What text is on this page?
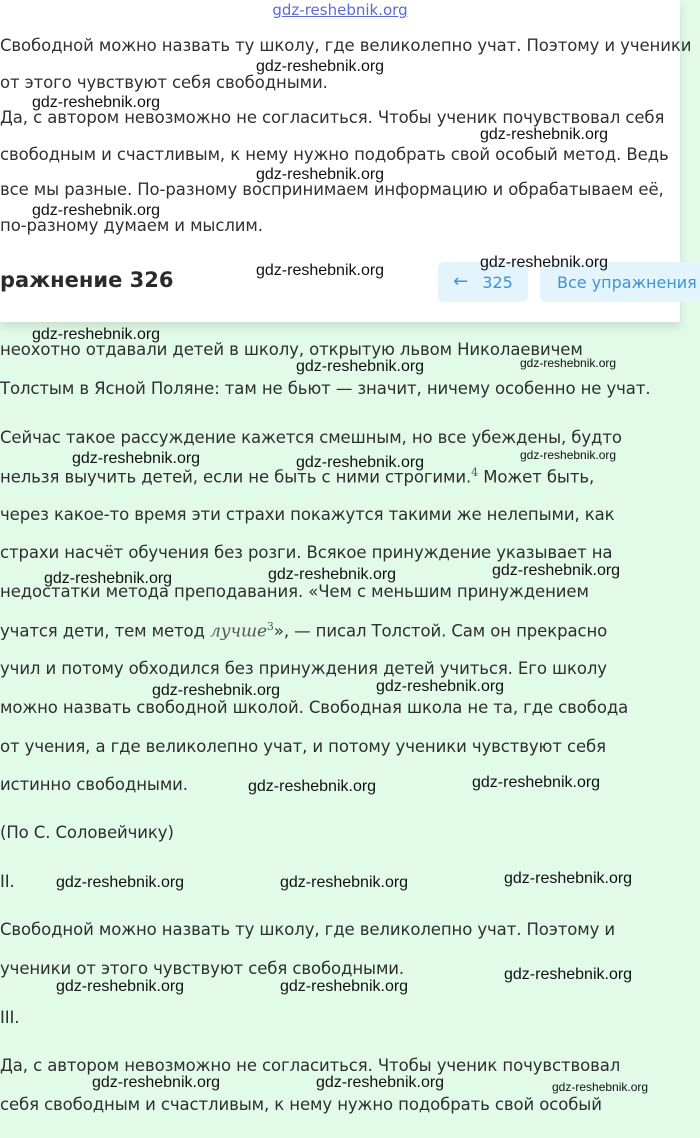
gdz-reshebnik.org
Свободной можно назвать ту школу, где великолепно учат. Поэтому и ученики
от этого чувствуют себя свободными.
Да, с автором невозможно не согласиться. Чтобы ученик почувствовал себя
свободным и счастливым, к нему нужно подобрать свой особый метод. Ведь
все мы разные. По-разному воспринимаем информацию и обрабатываем её,
по-разному думаем и мыслим.
ражнение 326	← 325	Все упражнения
неохотно отдавали детей в школу, открытую львом Николаевичем
Толстым в Ясной Поляне: там не бьют — значит, ничему особенно не учат.
Сейчас такое рассуждение кажется смешным, но все убеждены, будто
нельзя выучить детей, если не быть с ними строгими.$^4$ Может быть,
через какое-то время эти страхи покажутся такими же нелепыми, как
страхи насчёт обучения без розги. Всякое принуждение указывает на
недостатки метода преподавания. «Чем с меньшим принуждением
учатся дети, тем метод лучше$^3$», — писал Толстой. Сам он прекрасно
учил и потому обходился без принуждения детей учиться. Его школу
можно назвать свободной школой. Свободная школа не та, где свобода
от учения, а где великолепно учат, и потому ученики чувствуют себя
истинно свободными.
(По С. Соловейчику)
II.
Свободной можно назвать ту школу, где великолепно учат. Поэтому и
ученики от этого чувствуют себя свободными.
III.
Да, с автором невозможно не согласиться. Чтобы ученик почувствовал
себя свободным и счастливым, к нему нужно подобрать свой особый
gdz-reshebnik.org
gdz-reshebnik.org
gdz-reshebnik.org
gdz-reshebnik.org
gdz-reshebnik.org
gdz-reshebnik.org
gdz-reshebnik.org
gdz-reshebnik.org
gdz-reshebnik.org	gdz-reshebnik.org
gdz-reshebnik.org	gdz-reshebnik.org	gdz-reshebnik.org
gdz-reshebnik.org	gdz-reshebnik.org	gdz-reshebnik.org
gdz-reshebnik.org	gdz-reshebnik.org
gdz-reshebnik.org	gdz-reshebnik.org
gdz-reshebnik.org	gdz-reshebnik.org	gdz-reshebnik.org
gdz-reshebnik.org
gdz-reshebnik.org	gdz-reshebnik.org
gdz-reshebnik.org	gdz-reshebnik.org	gdz-reshebnik.org
